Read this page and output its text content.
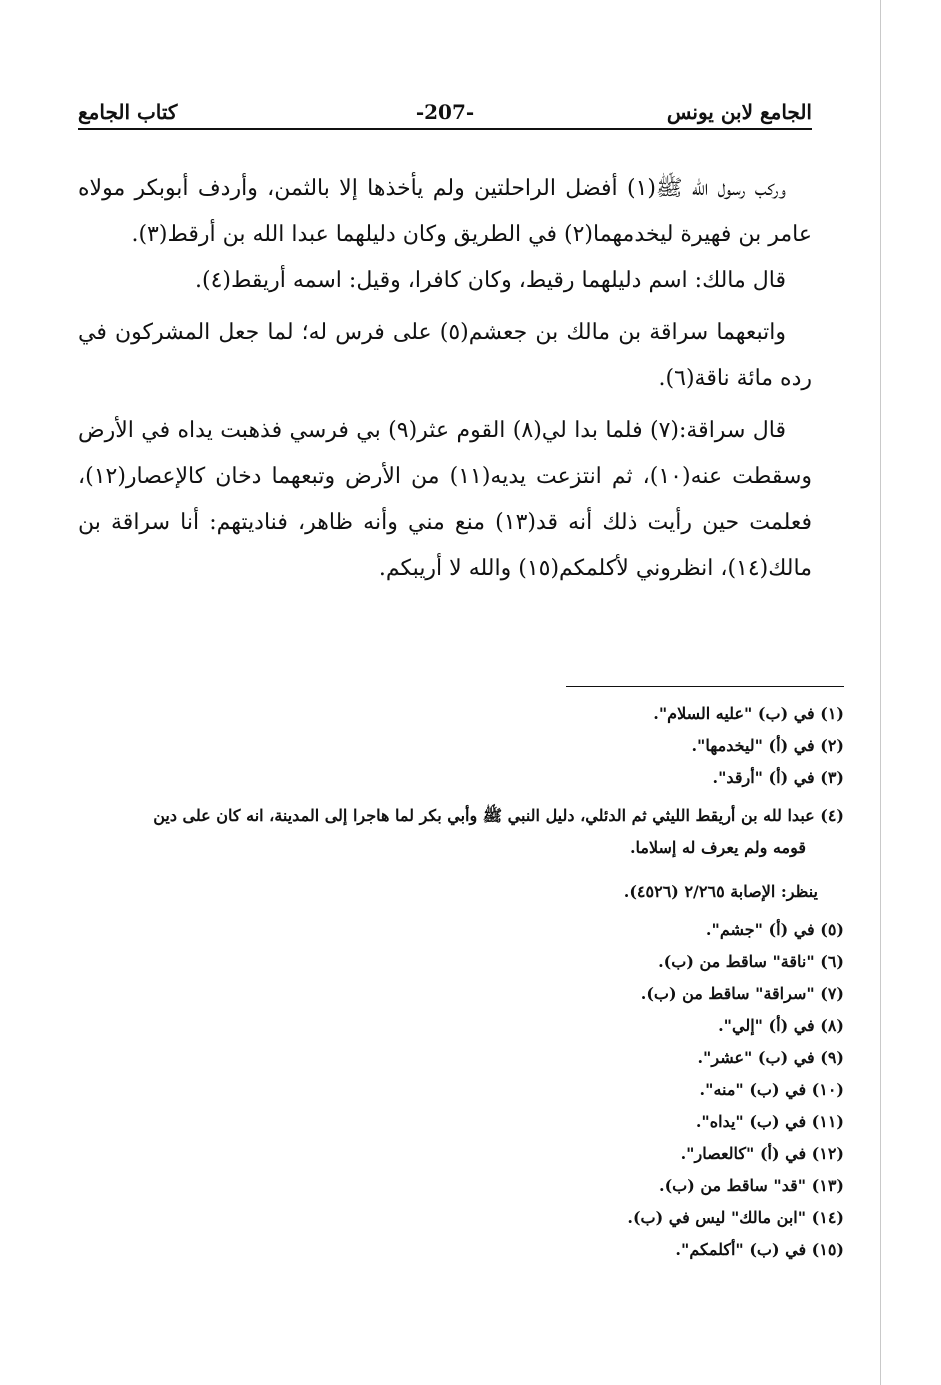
الجامع لابن يونس
-207-
كتاب الجامع

وركب رسول الله ﷺ(١) أفضل الراحلتين ولم يأخذها إلا بالثمن، وأردف أبوبكر مولاه عامر بن فهيرة ليخدمهما(٢) في الطريق وكان دليلهما عبدا الله بن أرقط(٣).

قال مالك: اسم دليلهما رقيط، وكان كافرا، وقيل: اسمه أريقط(٤).

واتبعهما سراقة بن مالك بن جعشم(٥) على فرس له؛ لما جعل المشركون في رده مائة ناقة(٦).

قال سراقة:(٧) فلما بدا لي(٨) القوم عثر(٩) بي فرسي فذهبت يداه في الأرض وسقطت عنه(١٠)، ثم انتزعت يديه(١١) من الأرض وتبعهما دخان كالإعصار(١٢)، فعلمت حين رأيت ذلك أنه قد(١٣) منع مني وأنه ظاهر، فناديتهم: أنا سراقة بن مالك(١٤)، انظروني لأكلمكم(١٥) والله لا أريبكم.

(١) في (ب) "عليه السلام".
(٢) في (أ) "ليخدمها".
(٣) في (أ) "أرقد".
(٤) عبدا لله بن أريقط الليثي ثم الدئلي، دليل النبي ﷺ وأبي بكر لما هاجرا إلى المدينة، انه كان على دين
قومه ولم يعرف له إسلاما.
ينظر: الإصابة ٢/٢٦٥ (٤٥٢٦).
(٥) في (أ) "جشم".
(٦) "ناقة" ساقط من (ب).
(٧) "سراقة" ساقط من (ب).
(٨) في (أ) "إلي".
(٩) في (ب) "عشر".
(١٠) في (ب) "منه".
(١١) في (ب) "يداه".
(١٢) في (أ) "كالعصار".
(١٣) "قد" ساقط من (ب).
(١٤) "ابن مالك" ليس في (ب).
(١٥) في (ب) "أكلمكم".
